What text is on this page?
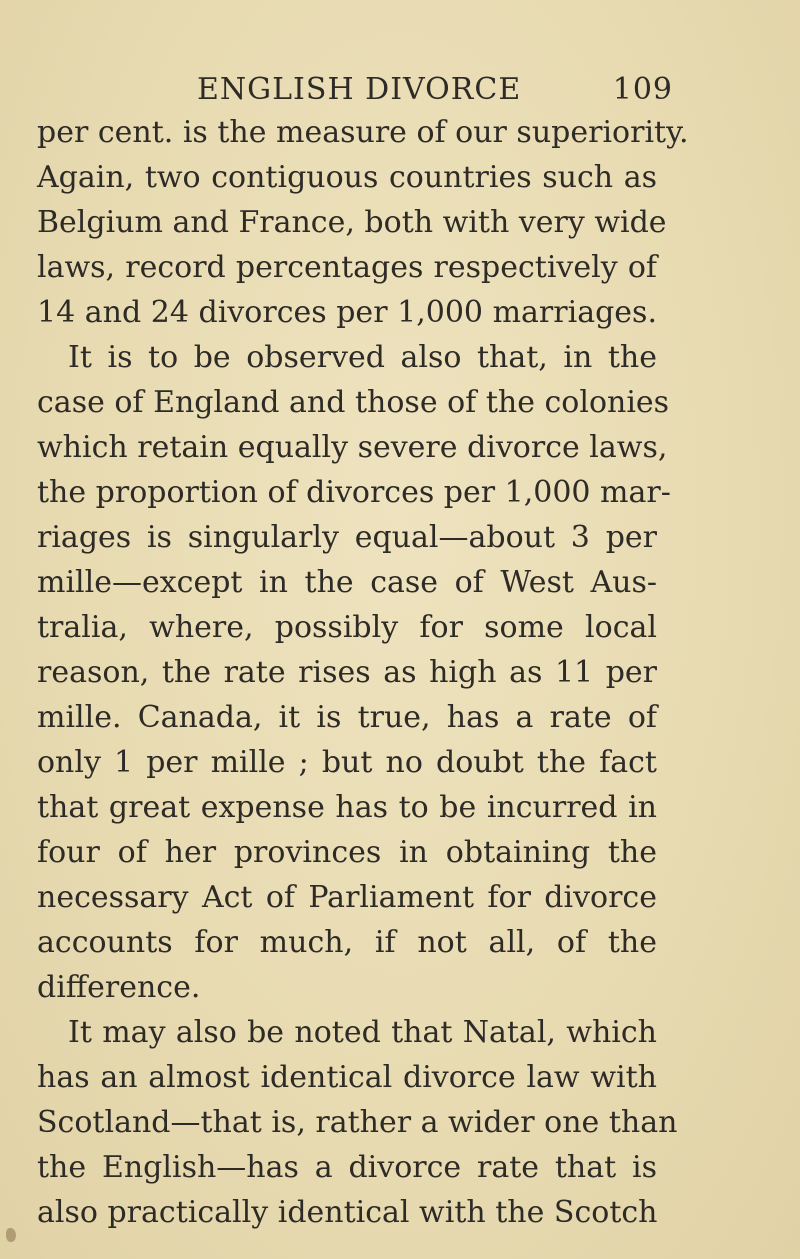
ENGLISH DIVORCE	109
per cent. is the measure of our superiority.
Again, two contiguous countries such as
Belgium and France, both with very wide
laws, record percentages respectively of
14 and 24 divorces per 1,000 marriages.
It is to be observed also that, in the
case of England and those of the colonies
which retain equally severe divorce laws,
the proportion of divorces per 1,000 mar-
riages is singularly equal—about 3 per
mille—except in the case of West Aus-
tralia, where, possibly for some local
reason, the rate rises as high as 11 per
mille. Canada, it is true, has a rate of
only 1 per mille ; but no doubt the fact
that great expense has to be incurred in
four of her provinces in obtaining the
necessary Act of Parliament for divorce
accounts for much, if not all, of the
difference.
It may also be noted that Natal, which
has an almost identical divorce law with
Scotland—that is, rather a wider one than
the English—has a divorce rate that is
also practically identical with the Scotch
